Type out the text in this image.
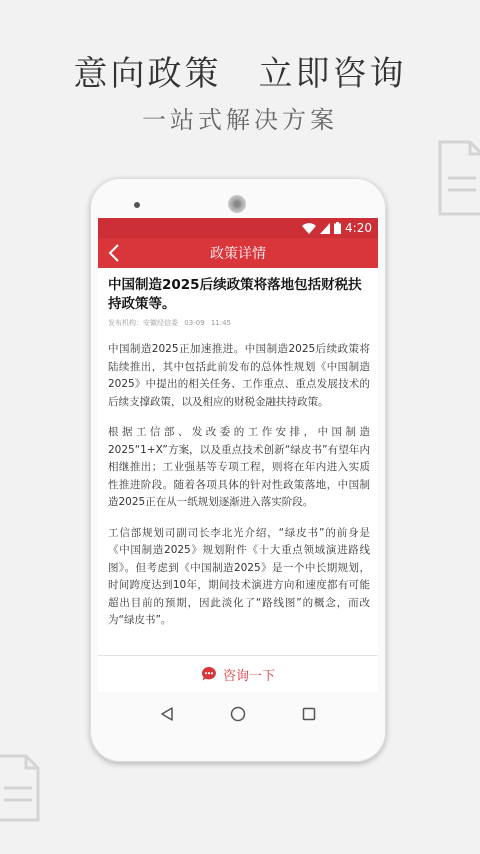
意向政策　立即咨询
一站式解决方案
4:20
政策详情
中国制造2025后续政策将落地包括财税扶持政策等。
发布机构：安徽经信委 03-09 11:45

中国制造2025正加速推进。中国制造2025后续政策将陆续推出，其中包括此前发布的总体性规划《中国制造2025》中提出的相关任务、工作重点、重点发展技术的后续支撑政策，以及相应的财税金融扶持政策。

根据工信部、发改委的工作安排，中国制造2025“1+X”方案，以及重点技术创新“绿皮书”有望年内相继推出；工业强基等专项工程，则将在年内进入实质性推进阶段。随着各项具体的针对性政策落地，中国制造2025正在从一纸规划逐渐进入落实阶段。

工信部规划司副司长李北光介绍，“绿皮书”的前身是《中国制造2025》规划附件《十大重点领域演进路线图》。但考虑到《中国制造2025》是一个中长期规划，时间跨度达到10年，期间技术演进方向和速度都有可能超出目前的预期，因此淡化了“路线图”的概念，而改为“绿皮书”。

咨询一下
